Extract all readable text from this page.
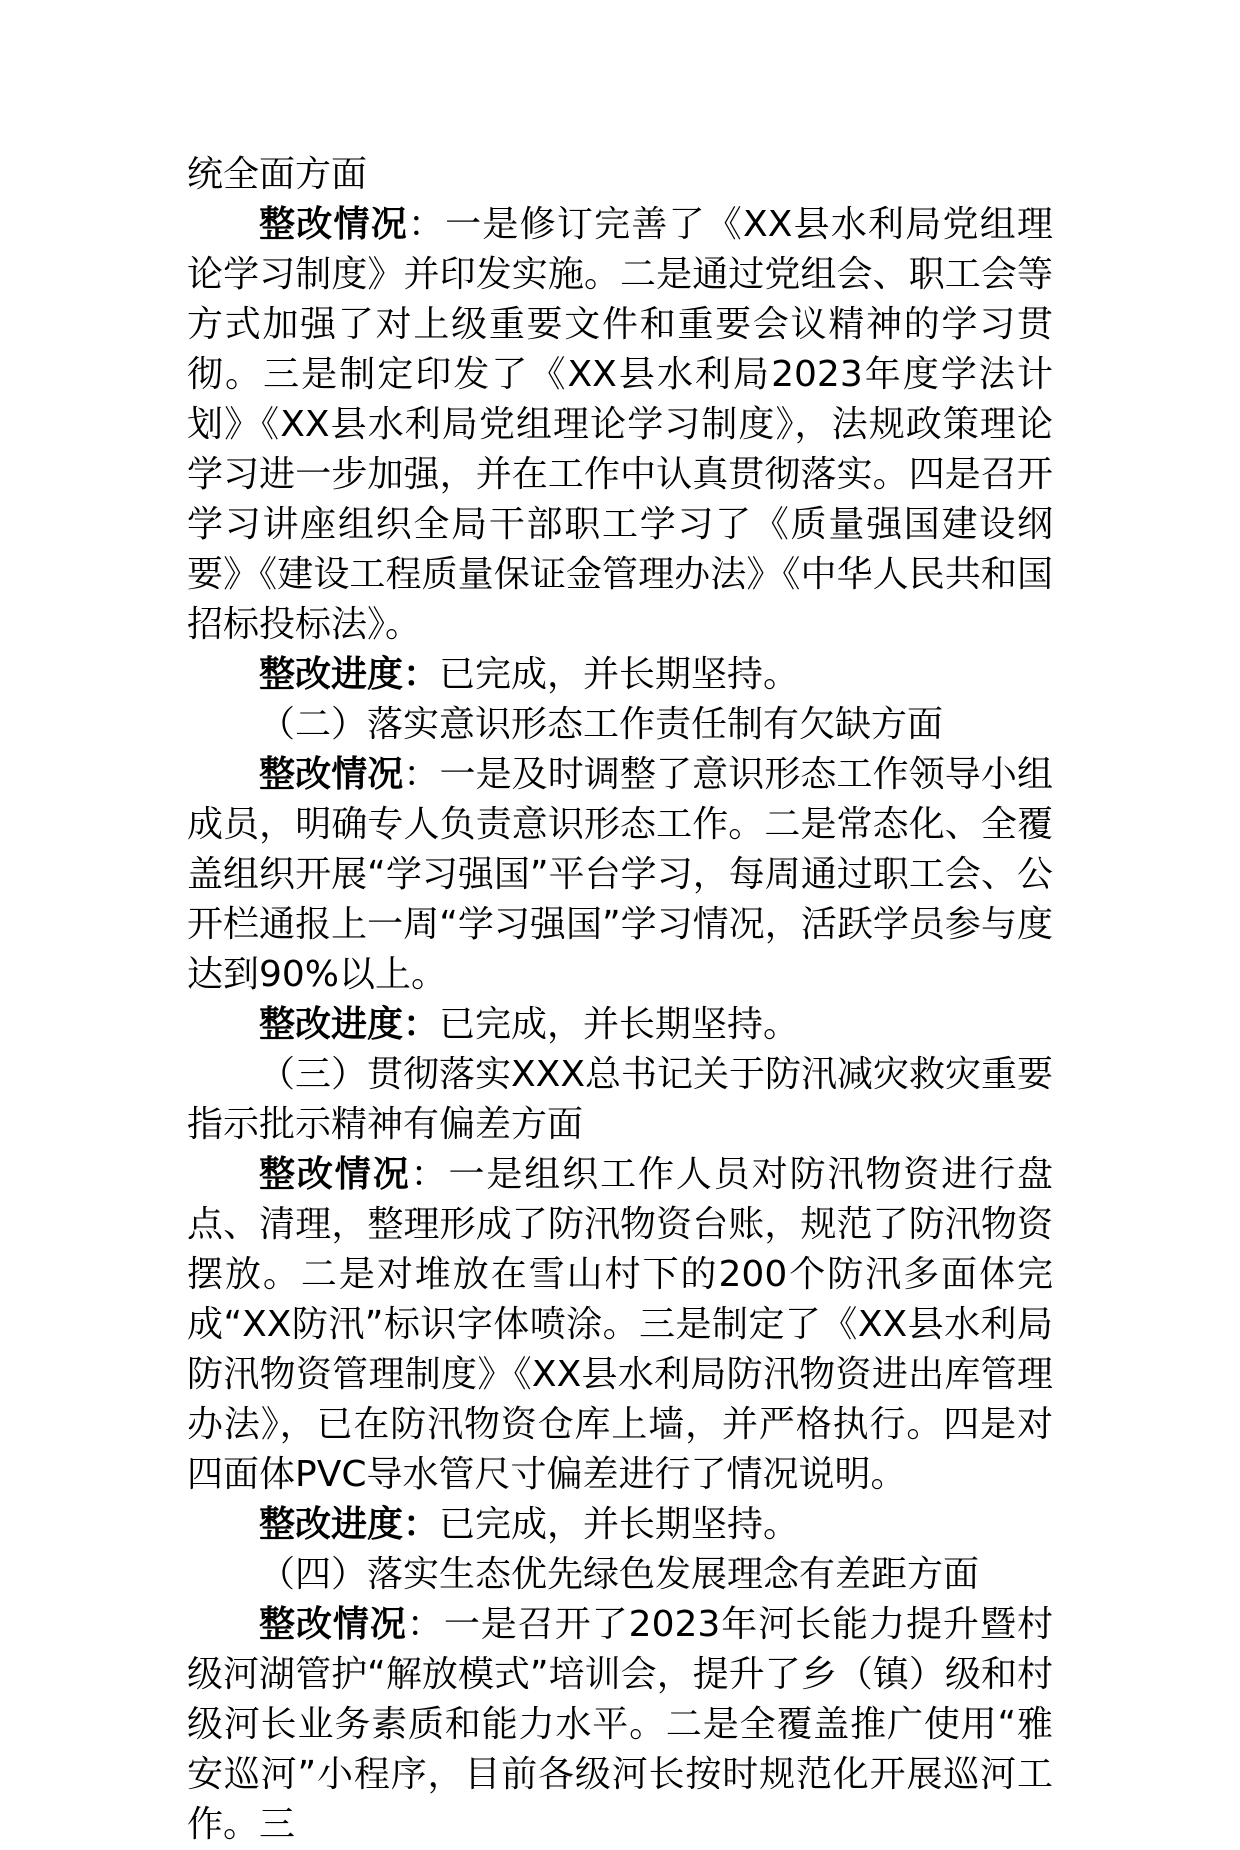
统全面方面

整改情况：一是修订完善了《XX县水利局党组理论学习制度》并印发实施。二是通过党组会、职工会等方式加强了对上级重要文件和重要会议精神的学习贯彻。三是制定印发了《XX县水利局2023年度学法计划》《XX县水利局党组理论学习制度》，法规政策理论学习进一步加强，并在工作中认真贯彻落实。四是召开学习讲座组织全局干部职工学习了《质量强国建设纲要》《建设工程质量保证金管理办法》《中华人民共和国招标投标法》。

整改进度：已完成，并长期坚持。

（二）落实意识形态工作责任制有欠缺方面

整改情况：一是及时调整了意识形态工作领导小组成员，明确专人负责意识形态工作。二是常态化、全覆盖组织开展“学习强国”平台学习，每周通过职工会、公开栏通报上一周“学习强国”学习情况，活跃学员参与度达到90%以上。

整改进度：已完成，并长期坚持。

（三）贯彻落实XXX总书记关于防汛减灾救灾重要指示批示精神有偏差方面

整改情况：一是组织工作人员对防汛物资进行盘点、清理，整理形成了防汛物资台账，规范了防汛物资摆放。二是对堆放在雪山村下的200个防汛多面体完成“XX防汛”标识字体喷涂。三是制定了《XX县水利局防汛物资管理制度》《XX县水利局防汛物资进出库管理办法》，已在防汛物资仓库上墙，并严格执行。四是对四面体PVC导水管尺寸偏差进行了情况说明。

整改进度：已完成，并长期坚持。

（四）落实生态优先绿色发展理念有差距方面

整改情况：一是召开了2023年河长能力提升暨村级河湖管护“解放模式”培训会，提升了乡（镇）级和村级河长业务素质和能力水平。二是全覆盖推广使用“雅安巡河”小程序，目前各级河长按时规范化开展巡河工作。三
